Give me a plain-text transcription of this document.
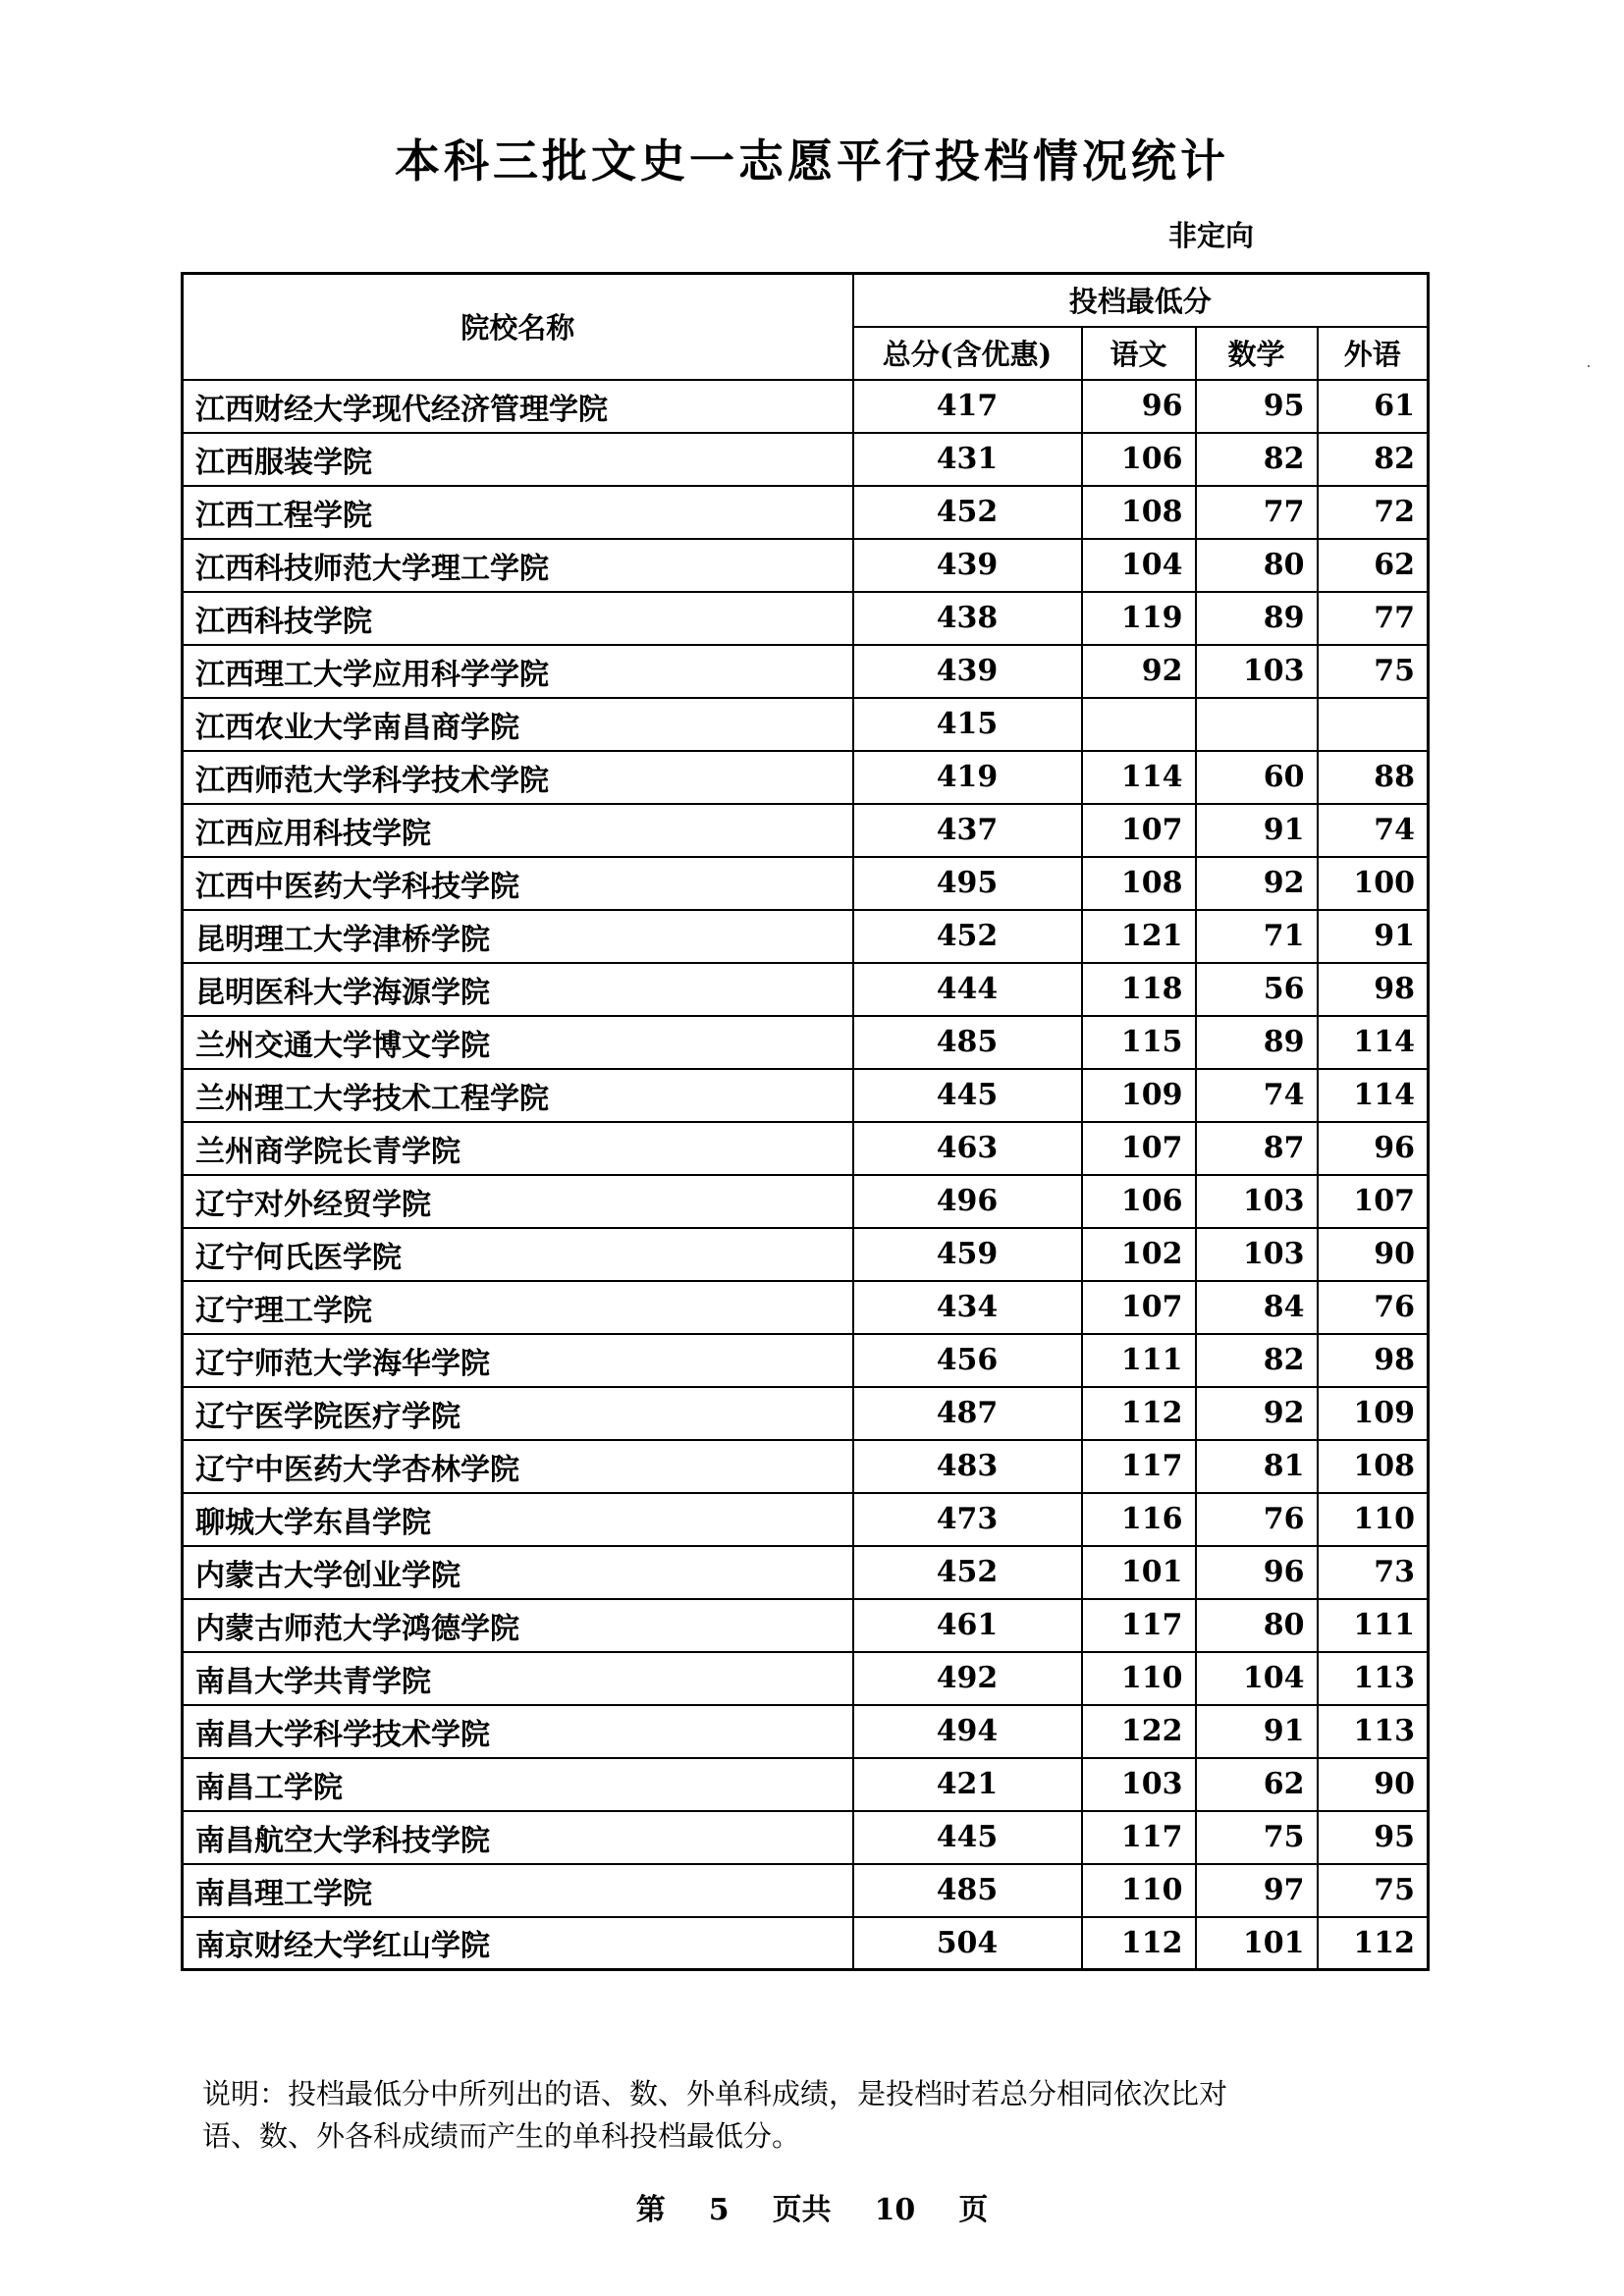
本科三批文史一志愿平行投档情况统计
非定向
院校名称	投档最低分			
	总分(含优惠)	语文	数学	外语
江西财经大学现代经济管理学院	417	96	95	61
江西服装学院	431	106	82	82
江西工程学院	452	108	77	72
江西科技师范大学理工学院	439	104	80	62
江西科技学院	438	119	89	77
江西理工大学应用科学学院	439	92	103	75
江西农业大学南昌商学院	415			
江西师范大学科学技术学院	419	114	60	88
江西应用科技学院	437	107	91	74
江西中医药大学科技学院	495	108	92	100
昆明理工大学津桥学院	452	121	71	91
昆明医科大学海源学院	444	118	56	98
兰州交通大学博文学院	485	115	89	114
兰州理工大学技术工程学院	445	109	74	114
兰州商学院长青学院	463	107	87	96
辽宁对外经贸学院	496	106	103	107
辽宁何氏医学院	459	102	103	90
辽宁理工学院	434	107	84	76
辽宁师范大学海华学院	456	111	82	98
辽宁医学院医疗学院	487	112	92	109
辽宁中医药大学杏林学院	483	117	81	108
聊城大学东昌学院	473	116	76	110
内蒙古大学创业学院	452	101	96	73
内蒙古师范大学鸿德学院	461	117	80	111
南昌大学共青学院	492	110	104	113
南昌大学科学技术学院	494	122	91	113
南昌工学院	421	103	62	90
南昌航空大学科技学院	445	117	75	95
南昌理工学院	485	110	97	75
南京财经大学红山学院	504	112	101	112
说明：投档最低分中所列出的语、数、外单科成绩，是投档时若总分相同依次比对
语、数、外各科成绩而产生的单科投档最低分。
第 5 页共 10 页
